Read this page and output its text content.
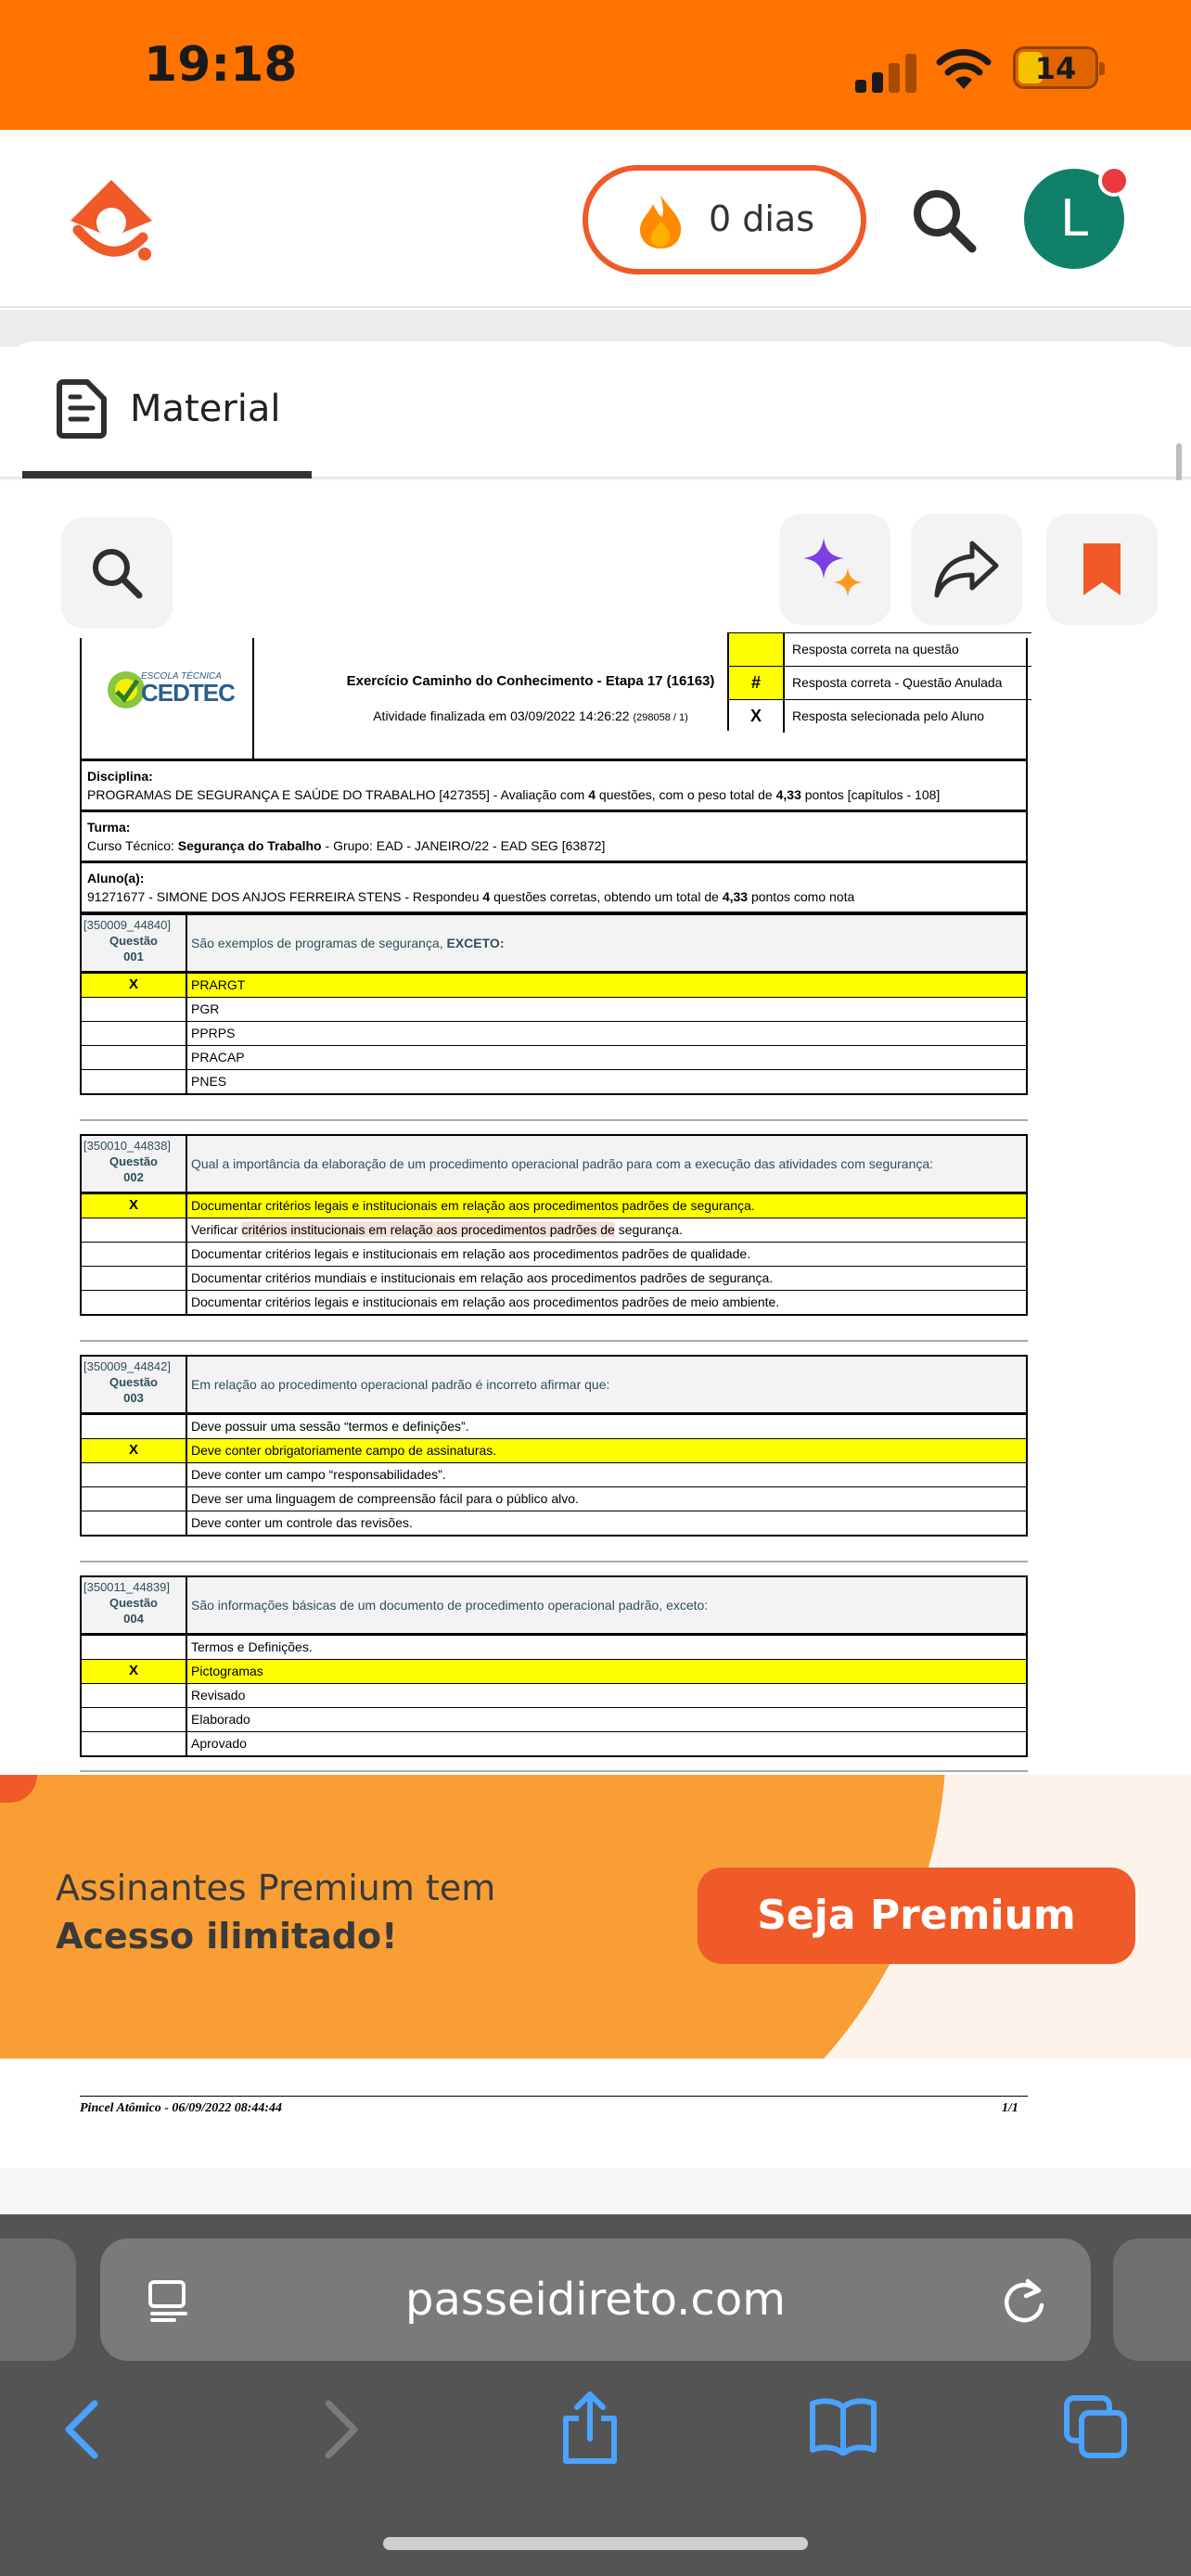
19:18	14
0 dias	L
Material
ESCOLA TÉCNICA
CEDTEC	Exercício Caminho do Conhecimento - Etapa 17 (16163)
Atividade finalizada em 03/09/2022 14:26:22 (298058 / 1)
Resposta correta na questão
#	Resposta correta - Questão Anulada
X	Resposta selecionada pelo Aluno
Disciplina:
PROGRAMAS DE SEGURANÇA E SAÚDE DO TRABALHO [427355] - Avaliação com 4 questões, com o peso total de 4,33 pontos [capítulos - 108]
Turma:
Curso Técnico: Segurança do Trabalho - Grupo: EAD - JANEIRO/22 - EAD SEG [63872]
Aluno(a):
91271677 - SIMONE DOS ANJOS FERREIRA STENS - Respondeu 4 questões corretas, obtendo um total de 4,33 pontos como nota
[350009_44840]
Questão
001
São exemplos de programas de segurança, EXCETO:
X	PRARGT
PGR
PPRPS
PRACAP
PNES
[350010_44838]
Questão
002
Qual a importância da elaboração de um procedimento operacional padrão para com a execução das atividades com segurança:
X	Documentar critérios legais e institucionais em relação aos procedimentos padrões de segurança.
Verificar critérios institucionais em relação aos procedimentos padrões de segurança.
Documentar critérios legais e institucionais em relação aos procedimentos padrões de qualidade.
Documentar critérios mundiais e institucionais em relação aos procedimentos padrões de segurança.
Documentar critérios legais e institucionais em relação aos procedimentos padrões de meio ambiente.
[350009_44842]
Questão
003
Em relação ao procedimento operacional padrão é incorreto afirmar que:
Deve possuir uma sessão “termos e definições”.
X	Deve conter obrigatoriamente campo de assinaturas.
Deve conter um campo “responsabilidades”.
Deve ser uma linguagem de compreensão fácil para o público alvo.
Deve conter um controle das revisões.
[350011_44839]
Questão
004
São informações básicas de um documento de procedimento operacional padrão, exceto:
Termos e Definições.
X	Pictogramas
Revisado
Elaborado
Aprovado
Assinantes Premium tem
Acesso ilimitado!	Seja Premium
Pincel Atômico - 06/09/2022 08:44:44	1/1
passeidireto.com
